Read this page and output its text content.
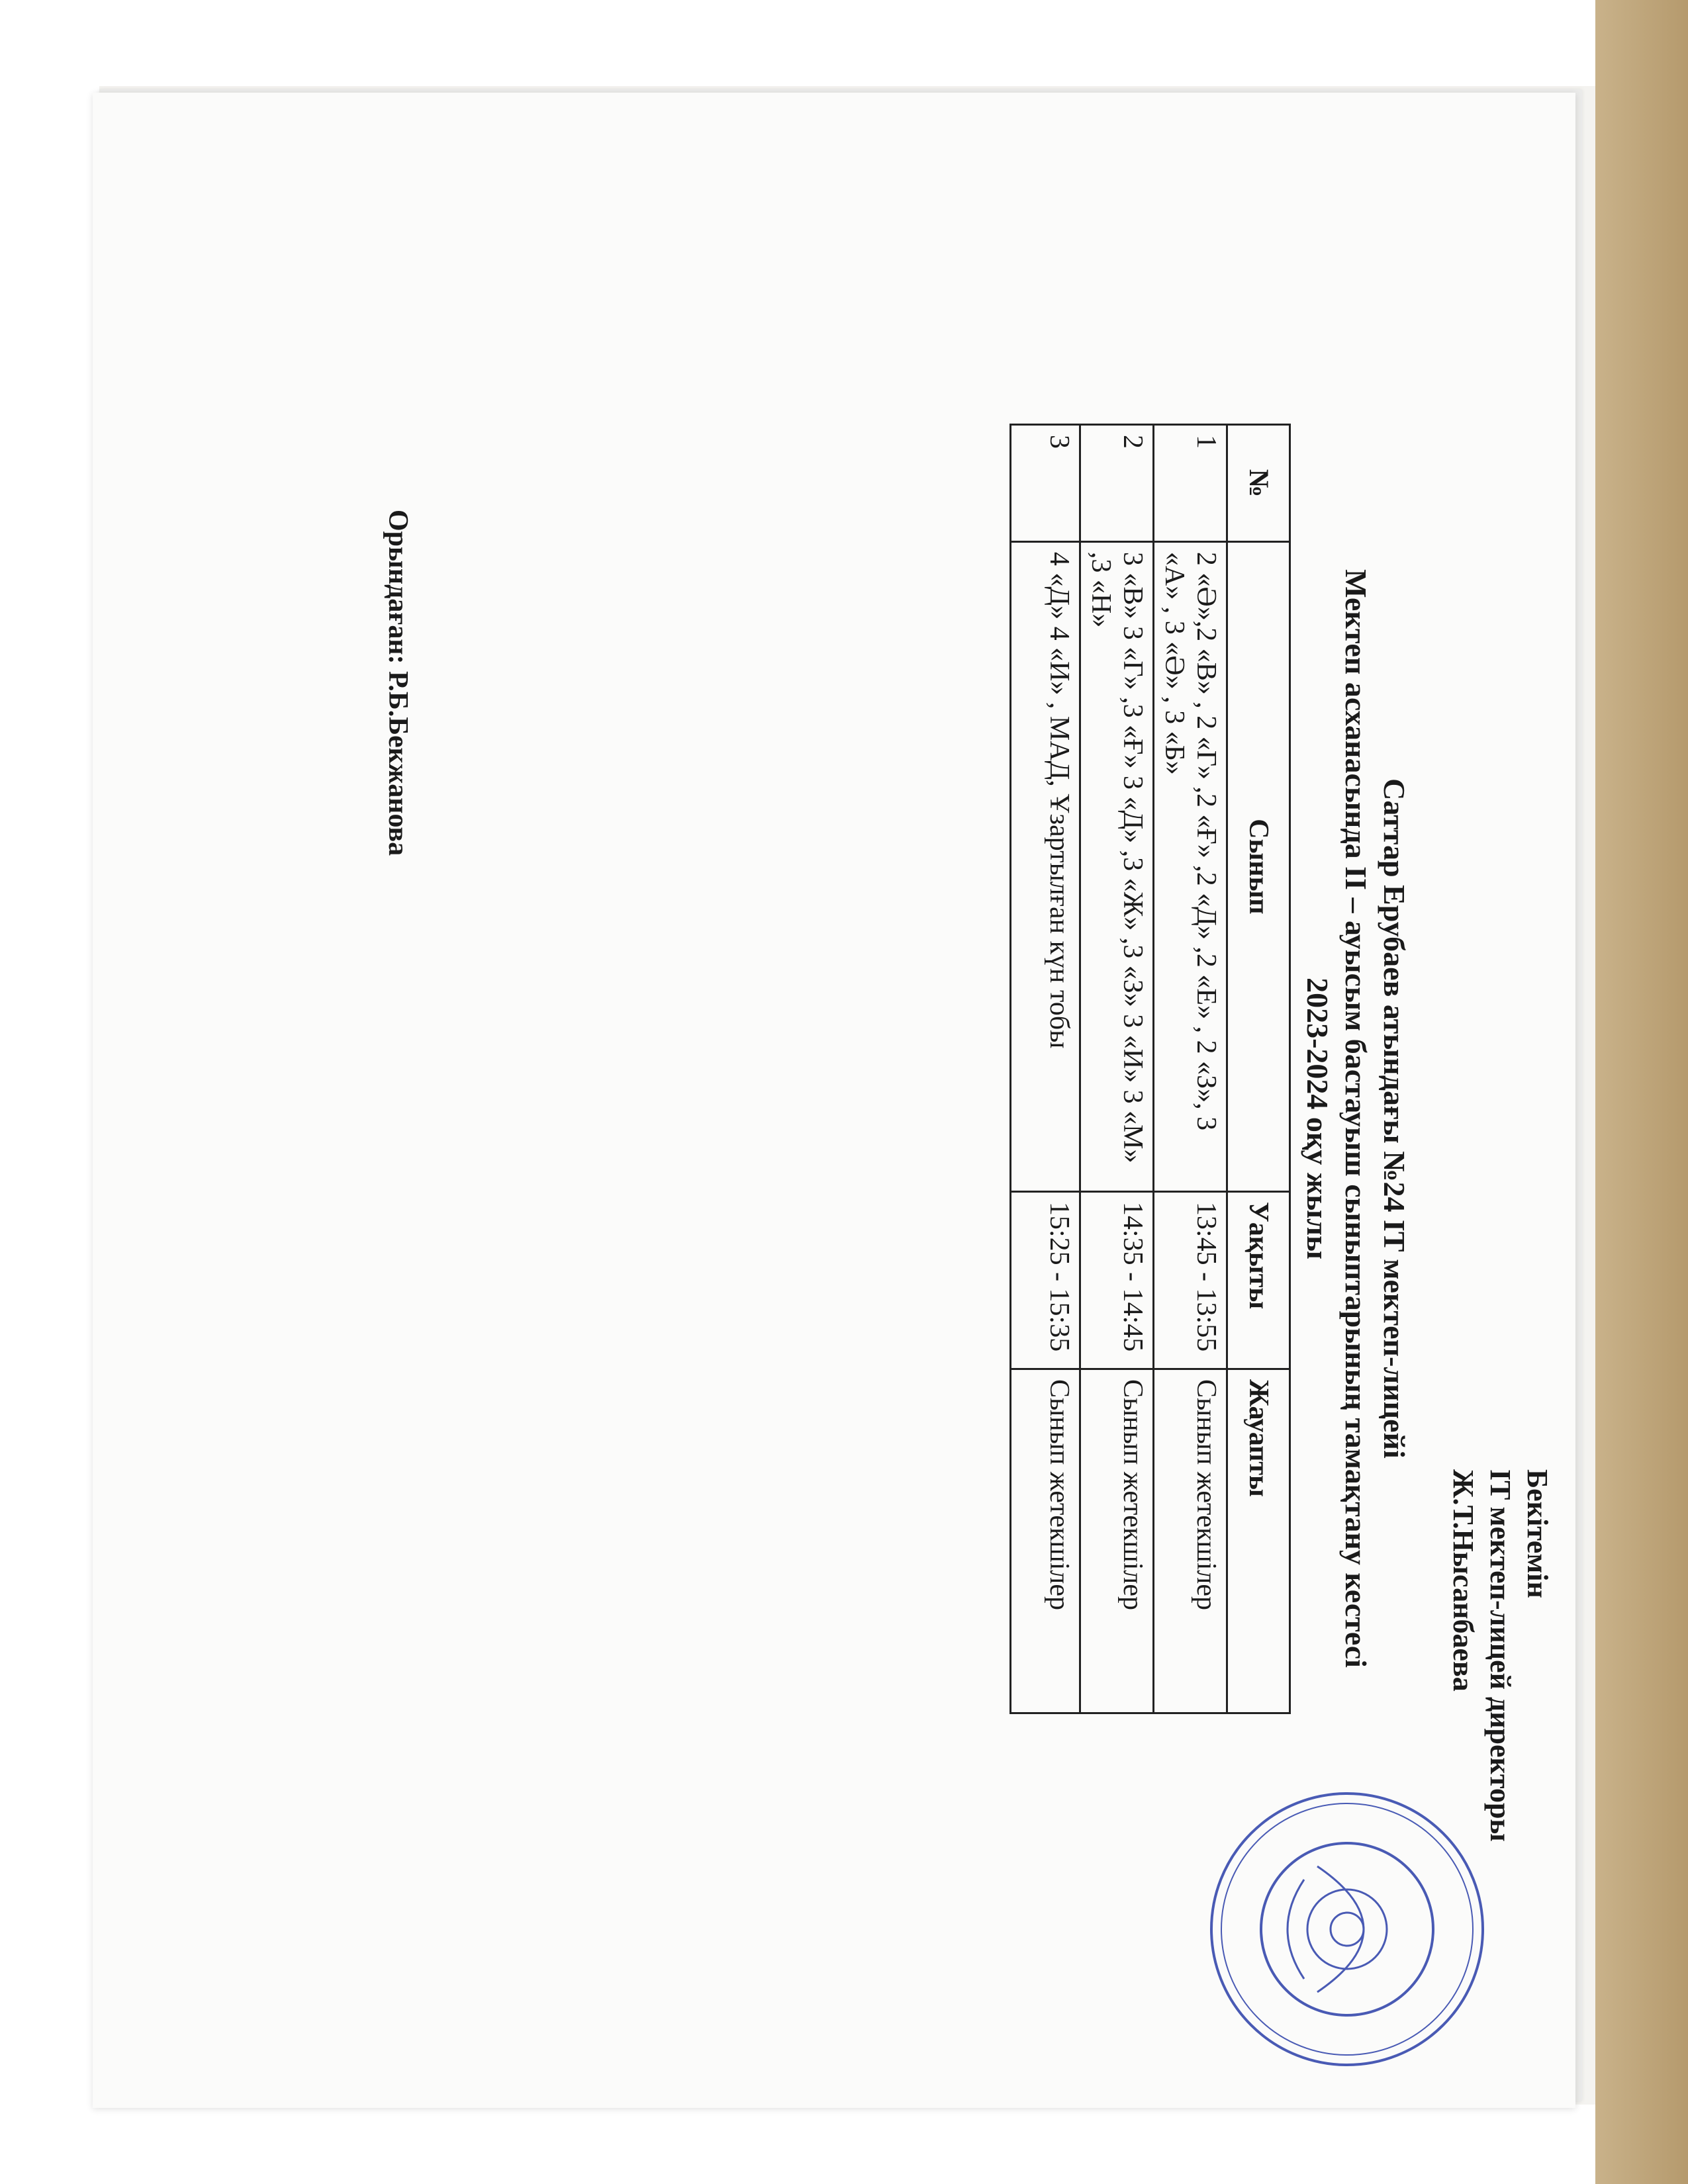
Бекітемін
IT мектеп-лицей директоры
Ж.Т.Нысанбаева
Саттар Ерубаев атындағы №24 IT мектеп-лицейі
Мектеп асханасында II – ауысым бастауыш сыныптарының тамақтану кестесі
2023-2024 оқу жылы
№	Сынып	Уақыты	Жауапты
1	2 «Ә»,2 «В» , 2 «Г» ,2 «Ғ» ,2 «Д» ,2 «Е» , 2 «З», 3 «А» , 3 «Ә» , 3 «Б»	13:45 - 13:55	Сынып жетекшілер
2	3 «В» 3 «Г» ,3 «Ғ» 3 «Д» ,3 «Ж» ,3 «З» 3 «И» 3 «М» ,3 «Н»	14:35 - 14:45	Сынып жетекшілер
3	4 «Д» 4 «И» , МАД, Ұзартылған күн тобы	15:25 - 15:35	Сынып жетекшілер
Орындаған: Р.Б.Бекжанова
